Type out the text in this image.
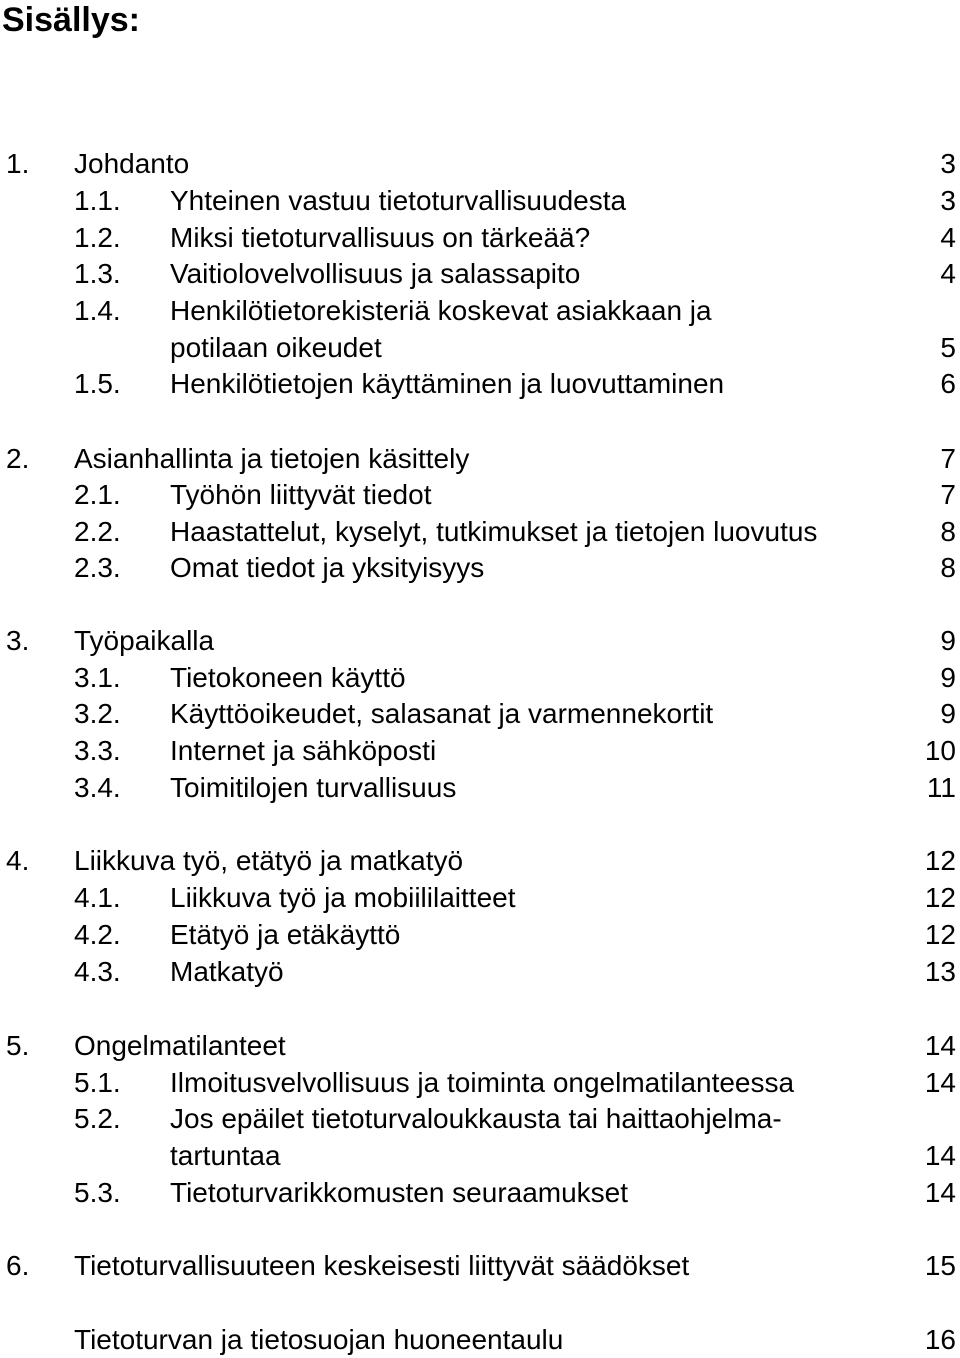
Sisällys:
1. Johdanto	3
1.1. Yhteinen vastuu tietoturvallisuudesta	3
1.2. Miksi tietoturvallisuus on tärkeää?	4
1.3. Vaitiolovelvollisuus ja salassapito	4
1.4. Henkilötietorekisteriä koskevat asiakkaan ja
potilaan oikeudet	5
1.5. Henkilötietojen käyttäminen ja luovuttaminen	6
2. Asianhallinta ja tietojen käsittely	7
2.1. Työhön liittyvät tiedot	7
2.2. Haastattelut, kyselyt, tutkimukset ja tietojen luovutus	8
2.3. Omat tiedot ja yksityisyys	8
3. Työpaikalla	9
3.1. Tietokoneen käyttö	9
3.2. Käyttöoikeudet, salasanat ja varmennekortit	9
3.3. Internet ja sähköposti	10
3.4. Toimitilojen turvallisuus	11
4. Liikkuva työ, etätyö ja matkatyö	12
4.1. Liikkuva työ ja mobiililaitteet	12
4.2. Etätyö ja etäkäyttö	12
4.3. Matkatyö	13
5. Ongelmatilanteet	14
5.1. Ilmoitusvelvollisuus ja toiminta ongelmatilanteessa	14
5.2. Jos epäilet tietoturvaloukkausta tai haittaohjelma-
tartuntaa	14
5.3. Tietoturvarikkomusten seuraamukset	14
6. Tietoturvallisuuteen keskeisesti liittyvät säädökset	15
Tietoturvan ja tietosuojan huoneentaulu	16
